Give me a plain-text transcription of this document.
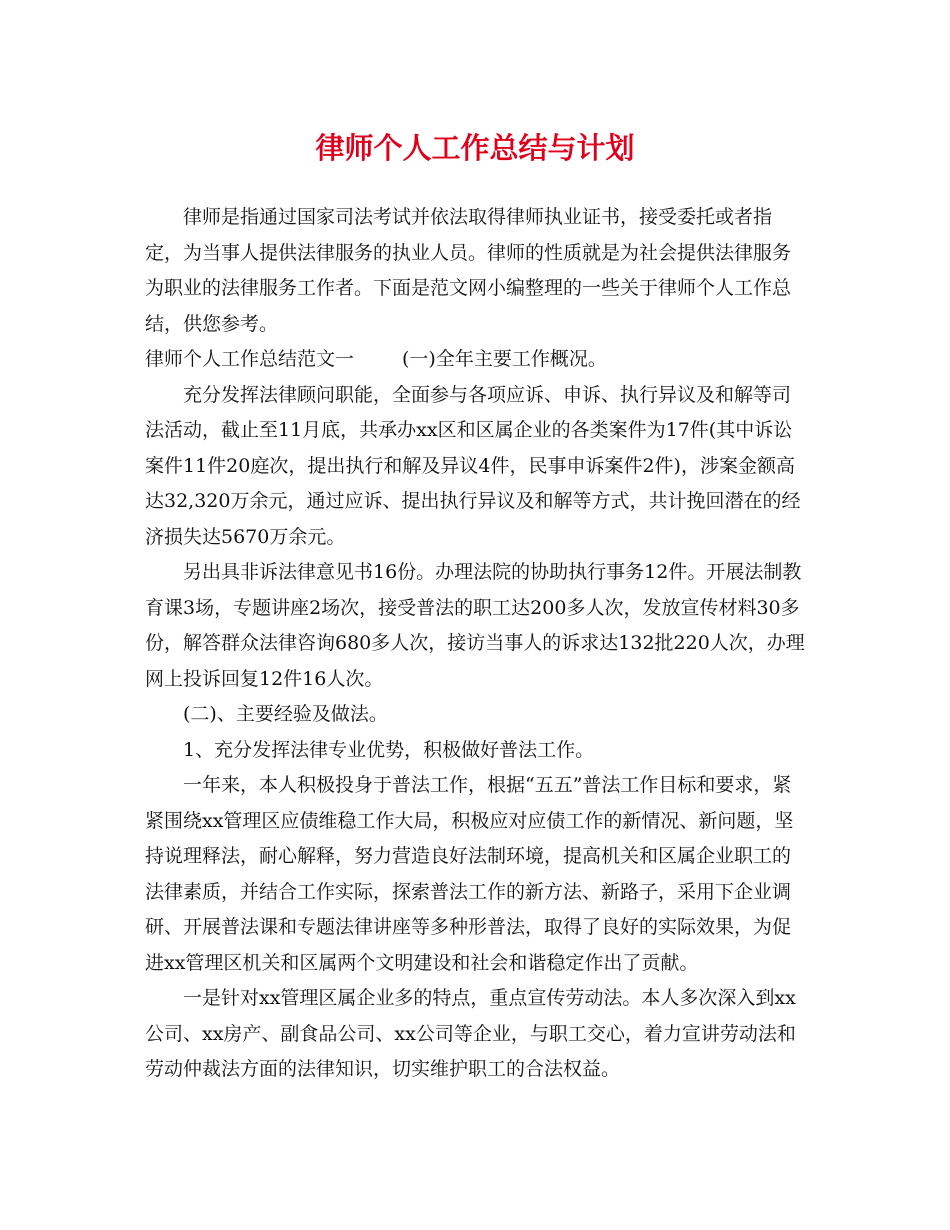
律师个人工作总结与计划

律师是指通过国家司法考试并依法取得律师执业证书，接受委托或者指定，为当事人提供法律服务的执业人员。律师的性质就是为社会提供法律服务为职业的法律服务工作者。下面是范文网小编整理的一些关于律师个人工作总结，供您参考。

律师个人工作总结范文一	(一)全年主要工作概况。

充分发挥法律顾问职能，全面参与各项应诉、申诉、执行异议及和解等司法活动，截止至11月底，共承办xx区和区属企业的各类案件为17件(其中诉讼案件11件20庭次，提出执行和解及异议4件，民事申诉案件2件)，涉案金额高达32,320万余元，通过应诉、提出执行异议及和解等方式，共计挽回潜在的经济损失达5670万余元。

另出具非诉法律意见书16份。办理法院的协助执行事务12件。开展法制教育课3场，专题讲座2场次，接受普法的职工达200多人次，发放宣传材料30多份，解答群众法律咨询680多人次，接访当事人的诉求达132批220人次，办理网上投诉回复12件16人次。

(二)、主要经验及做法。

1、充分发挥法律专业优势，积极做好普法工作。

一年来，本人积极投身于普法工作，根据“五五”普法工作目标和要求，紧紧围绕xx管理区应债维稳工作大局，积极应对应债工作的新情况、新问题，坚持说理释法，耐心解释，努力营造良好法制环境，提高机关和区属企业职工的法律素质，并结合工作实际，探索普法工作的新方法、新路子，采用下企业调研、开展普法课和专题法律讲座等多种形普法，取得了良好的实际效果，为促进xx管理区机关和区属两个文明建设和社会和谐稳定作出了贡献。

一是针对xx管理区属企业多的特点，重点宣传劳动法。本人多次深入到xx公司、xx房产、副食品公司、xx公司等企业，与职工交心，着力宣讲劳动法和劳动仲裁法方面的法律知识，切实维护职工的合法权益。
